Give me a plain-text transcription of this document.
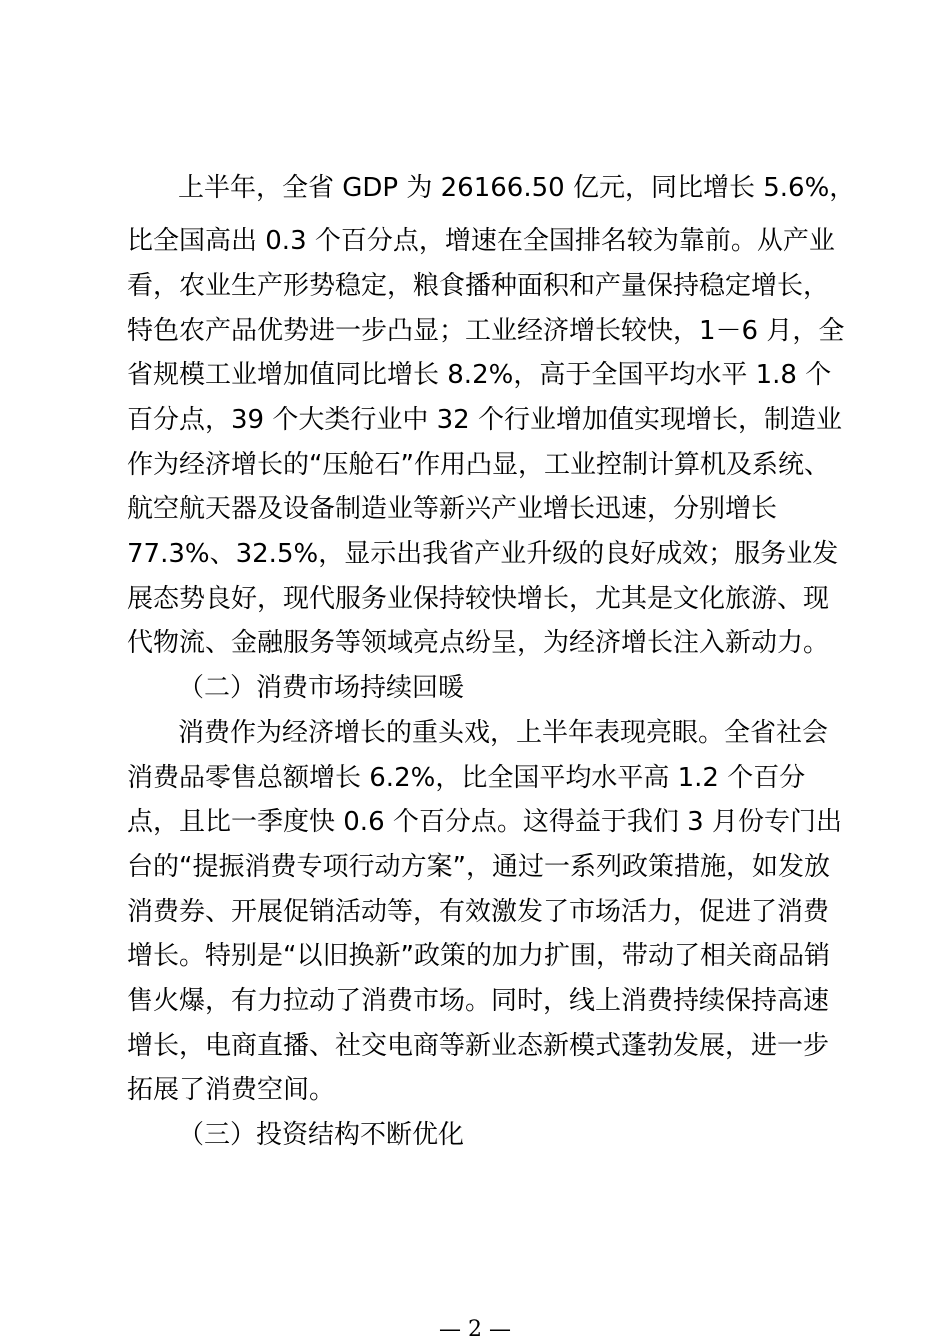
上半年，全省 GDP 为 26166.50 亿元，同比增长 5.6%，
比全国高出 0.3 个百分点，增速在全国排名较为靠前。从产业
看，农业生产形势稳定，粮食播种面积和产量保持稳定增长，
特色农产品优势进一步凸显；工业经济增长较快，1－6 月，全
省规模工业增加值同比增长 8.2%，高于全国平均水平 1.8 个
百分点，39 个大类行业中 32 个行业增加值实现增长，制造业
作为经济增长的“压舱石”作用凸显，工业控制计算机及系统、
航空航天器及设备制造业等新兴产业增长迅速，分别增长
77.3%、32.5%，显示出我省产业升级的良好成效；服务业发
展态势良好，现代服务业保持较快增长，尤其是文化旅游、现
代物流、金融服务等领域亮点纷呈，为经济增长注入新动力。
（二）消费市场持续回暖
消费作为经济增长的重头戏，上半年表现亮眼。全省社会
消费品零售总额增长 6.2%，比全国平均水平高 1.2 个百分
点，且比一季度快 0.6 个百分点。这得益于我们 3 月份专门出
台的“提振消费专项行动方案”，通过一系列政策措施，如发放
消费券、开展促销活动等，有效激发了市场活力，促进了消费
增长。特别是“以旧换新”政策的加力扩围，带动了相关商品销
售火爆，有力拉动了消费市场。同时，线上消费持续保持高速
增长，电商直播、社交电商等新业态新模式蓬勃发展，进一步
拓展了消费空间。
（三）投资结构不断优化
— 2 —
